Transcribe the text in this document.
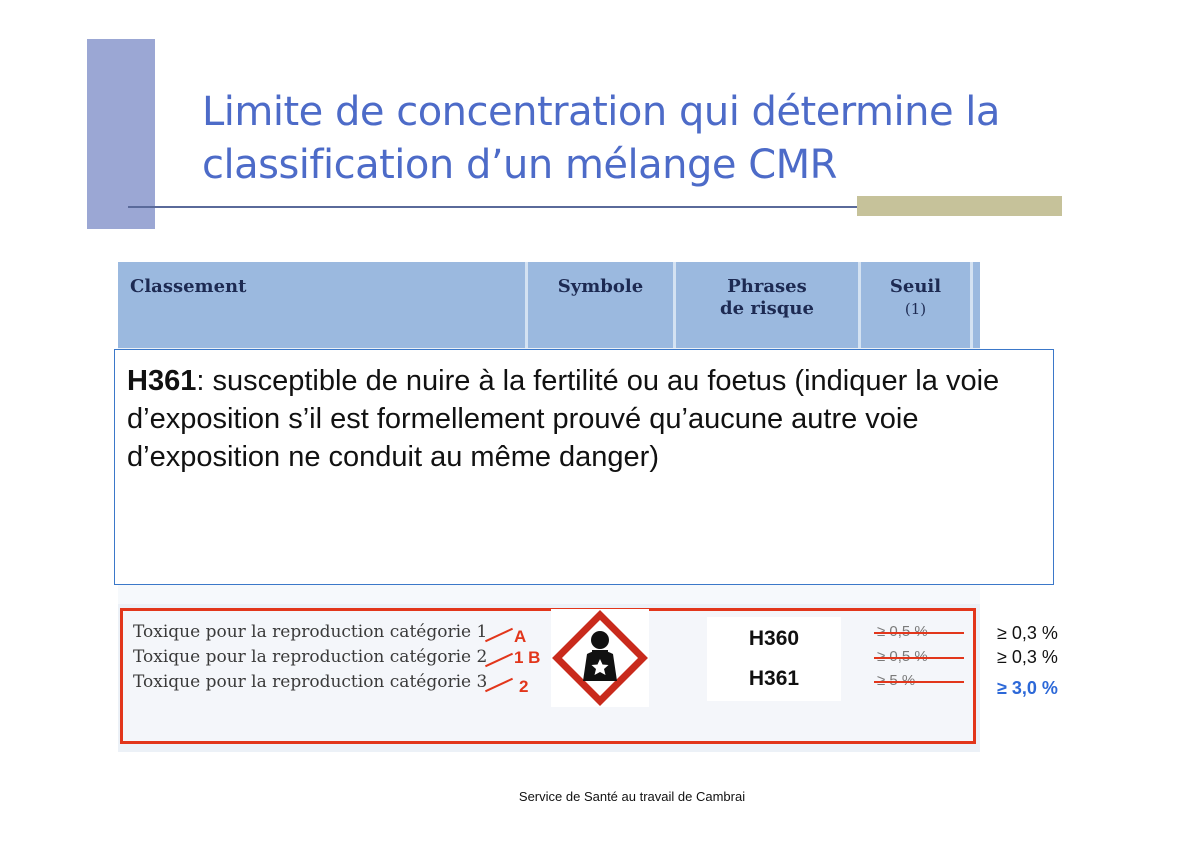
Limite de concentration qui détermine la
classification d’un mélange CMR
Classement	Symbole	Phrases
de risque
Seuil
(1)
Toxique pour la reproduction catégorie 1
Toxique pour la reproduction catégorie 2
Toxique pour la reproduction catégorie 3
A
1 B
2
H360
H361
≥ 0,3 %
≥ 0,3 %
≥ 3,0 %
H361: susceptible de nuire à la fertilité ou au foetus (indiquer la voie d’exposition s’il est formellement prouvé qu’aucune autre voie d’exposition ne conduit au même danger)
Service de Santé au travail de Cambrai
